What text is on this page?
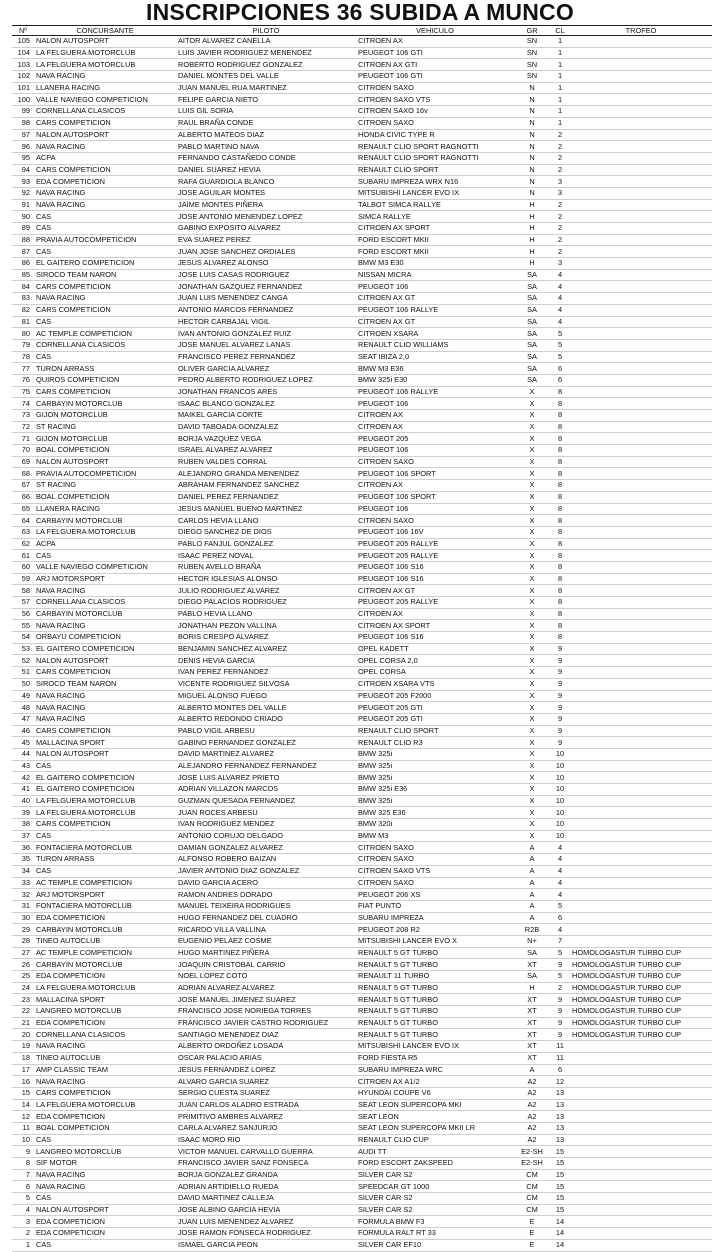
INSCRIPCIONES 36 SUBIDA A MUNCO
Nº	CONCURSANTE	PILOTO	VEHICULO	GR	CL	TROFEO
105	NALON AUTOSPORT	AITOR ALVAREZ CANELLA	CITROEN AX	SN	1	
104	LA FELGUERA MOTORCLUB	LUIS JAVIER RODRIGUEZ MENENDEZ	PEUGEOT 106 GTI	SN	1	
103	LA FELGUERA MOTORCLUB	ROBERTO RODRIGUEZ GONZALEZ	CITROEN AX GTI	SN	1	
102	NAVA RACING	DANIEL MONTES DEL VALLE	PEUGEOT 106 GTI	SN	1	
101	LLANERA RACING	JUAN MANUEL RUA MARTINEZ	CITROEN SAXO	N	1	
100	VALLE NAVIEGO COMPETICION	FELIPE GARCIA NIETO	CITROEN SAXO VTS	N	1	
99	CORNELLANA CLASICOS	LUIS GIL SORIA	CITROEN SAXO 16v	N	1	
98	CARS COMPETICION	RAUL BRAÑA CONDE	CITROEN SAXO	N	1	
97	NALON AUTOSPORT	ALBERTO MATEOS DIAZ	HONDA CIVIC TYPE R	N	2	
96	NAVA RACING	PABLO MARTINO NAVA	RENAULT CLIO SPORT RAGNOTTI	N	2	
95	ACPA	FERNANDO CASTAÑEDO CONDE	RENAULT CLIO SPORT RAGNOTTI	N	2	
94	CARS COMPETICION	DANIEL SUAREZ HEVIA	RENAULT CLIO SPORT	N	2	
93	EDA COMPETICION	RAFA GUARDIOLA BLANCO	SUBARU IMPREZA WRX N16	N	3	
92	NAVA RACING	JOSE AGUILAR MONTES	MITSUBISHI LANCER EVO IX	N	3	
91	NAVA RACING	JAIME MONTES PIÑERA	TALBOT SIMCA RALLYE	H	2	
90	CAS	JOSE ANTONIO MENENDEZ LOPEZ	SIMCA RALLYE	H	2	
89	CAS	GABINO EXPOSITO ALVAREZ	CITROEN AX SPORT	H	2	
88	PRAVIA AUTOCOMPETICION	EVA SUAREZ PEREZ	FORD ESCORT MKII	H	2	
87	CAS	JUAN JOSE SANCHEZ ORDIALES	FORD ESCORT MKII	H	2	
86	EL GAITERO COMPETICION	JESUS ALVAREZ ALONSO	BMW M3 E30	H	3	
85	SIROCO TEAM NARON	JOSE LUIS CASAS RODRIGUEZ	NISSAN MICRA	SA	4	
84	CARS COMPETICION	JONATHAN GAZQUEZ FERNANDEZ	PEUGEOT 106	SA	4	
83	NAVA RACING	JUAN LUIS MENENDEZ CANGA	CITROEN AX GT	SA	4	
82	CARS COMPETICION	ANTONIO MARCOS FERNANDEZ	PEUGEOT 106 RALLYE	SA	4	
81	CAS	HECTOR CARBAJAL VIGIL	CITROEN AX GT	SA	4	
80	AC TEMPLE COMPETICION	IVAN ANTONIO GONZALEZ RUIZ	CITROEN XSARA	SA	5	
79	CORNELLANA CLASICOS	JOSE MANUEL ALVAREZ LANAS	RENAULT CLIO WILLIAMS	SA	5	
78	CAS	FRANCISCO PEREZ FERNANDEZ	SEAT IBIZA 2,0	SA	5	
77	TURON ARRASS	OLIVER GARCIA ALVAREZ	BMW M3 E36	SA	6	
76	QUIROS COMPETICION	PEDRO ALBERTO RODRIGUEZ LOPEZ	BMW 325i E30	SA	6	
75	CARS COMPETICION	JONATHAN FRANCOS ARES	PEUGEOT 106 RALLYE	X	8	
74	CARBAYIN MOTORCLUB	ISAAC BLANCO GONZALEZ	PEUGEOT 106	X	8	
73	GIJON MOTORCLUB	MAIKEL GARCIA CORTE	CITROEN AX	X	8	
72	ST RACING	DAVID TABOADA GONZALEZ	CITROEN AX	X	8	
71	GIJON MOTORCLUB	BORJA VAZQUEZ VEGA	PEUGEOT 205	X	8	
70	BOAL COMPETICION	ISRAEL ALVAREZ ALVAREZ	PEUGEOT 106	X	8	
69	NALON AUTOSPORT	RUBEN VALDES CORRAL	CITROEN SAXO	X	8	
68	PRAVIA AUTOCOMPETICION	ALEJANDRO GRANDA MENENDEZ	PEUGEOT 106 SPORT	X	8	
67	ST RACING	ABRAHAM FERNANDEZ SANCHEZ	CITROEN AX	X	8	
66	BOAL COMPETICION	DANIEL PEREZ FERNANDEZ	PEUGEOT 106 SPORT	X	8	
65	LLANERA RACING	JESUS MANUEL BUENO MARTINEZ	PEUGEOT 106	X	8	
64	CARBAYIN MOTORCLUB	CARLOS HEVIA LLANO	CITROEN SAXO	X	8	
63	LA FELGUERA MOTORCLUB	DIEGO SANCHEZ DE DIOS	PEUGEOT 106 16V	X	8	
62	ACPA	PABLO FANJUL GONZALEZ	PEUGEOT 205 RALLYE	X	8	
61	CAS	ISAAC PEREZ NOVAL	PEUGEOT 205 RALLYE	X	8	
60	VALLE NAVIEGO COMPETICION	RUBEN AVELLO BRAÑA	PEUGEOT 106 S16	X	8	
59	ARJ MOTORSPORT	HECTOR IGLESIAS ALONSO	PEUGEOT 106 S16	X	8	
58	NAVA RACING	JULIO RODRIGUEZ ALVAREZ	CITROEN AX GT	X	8	
57	CORNELLANA CLASICOS	DIEGO PALACIOS RODRIGUEZ	PEUGEOT 205 RALLYE	X	8	
56	CARBAYIN MOTORCLUB	PABLO HEVIA LLANO	CITROEN AX	X	8	
55	NAVA RACING	JONATHAN PEZON VALLINA	CITROEN AX SPORT	X	8	
54	ORBAYU COMPETICION	BORIS CRESPO ALVAREZ	PEUGEOT 106 S16	X	8	
53	EL GAITERO COMPETICION	BENJAMIN SANCHEZ ALVAREZ	OPEL KADETT	X	9	
52	NALON AUTOSPORT	DENIS HEVIA GARCIA	OPEL CORSA 2,0	X	9	
51	CARS COMPETICION	IVAN PEREZ FERNANDEZ	OPEL CORSA	X	9	
50	SIROCO TEAM NARON	VICENTE RODRIGUEZ SILVOSA	CITROEN XSARA VTS	X	9	
49	NAVA RACING	MIGUEL ALONSO FUEGO	PEUGEOT 205 F2000	X	9	
48	NAVA RACING	ALBERTO MONTES DEL VALLE	PEUGEOT 205 GTI	X	9	
47	NAVA RACING	ALBERTO REDONDO CRIADO	PEUGEOT 205 GTI	X	9	
46	CARS COMPETICION	PABLO VIGIL ARBESU	RENAULT CLIO SPORT	X	9	
45	MALLACINA SPORT	GABINO FERNANDEZ GONZALEZ	RENAULT CLIO R3	X	9	
44	NALON AUTOSPORT	DAVID MARTINEZ ALVAREZ	BMW 325i	X	10	
43	CAS	ALEJANDRO FERNANDEZ FERNANDEZ	BMW 325i	X	10	
42	EL GAITERO COMPETICION	JOSE LUIS ALVAREZ PRIETO	BMW 325i	X	10	
41	EL GAITERO COMPETICION	ADRIAN VILLAZON MARCOS	BMW 325i E36	X	10	
40	LA FELGUERA MOTORCLUB	GUZMAN QUESADA FERNANDEZ	BMW 325i	X	10	
39	LA FELGUERA MOTORCLUB	JUAN ROCES ARBESU	BMW 325 E36	X	10	
38	CARS COMPETICION	IVAN RODRIGUEZ MENDEZ	BMW 320i	X	10	
37	CAS	ANTONIO CORUJO DELGADO	BMW M3	X	10	
36	FONTACIERA MOTORCLUB	DAMIAN GONZALEZ ALVAREZ	CITROEN SAXO	A	4	
35	TURON ARRASS	ALFONSO ROBERO BAIZAN	CITROEN SAXO	A	4	
34	CAS	JAVIER ANTONIO DIAZ GONZALEZ	CITROEN SAXO VTS	A	4	
33	AC TEMPLE COMPETICION	DAVID GARCIA ACERO	CITROEN SAXO	A	4	
32	ARJ MOTORSPORT	RAMON ANDRES DORADO	PEUGEOT 206 XS	A	4	
31	FONTACIERA MOTORCLUB	MANUEL TEIXEIRA RODRIGUES	FIAT PUNTO	A	5	
30	EDA COMPETICION	HUGO FERNANDEZ DEL CUADRO	SUBARU IMPREZA	A	6	
29	CARBAYIN MOTORCLUB	RICARDO VILLA VALLINA	PEUGEOT 208 R2	R2B	4	
28	TINEO AUTOCLUB	EUGENIO PELAEZ COSME	MITSUBISHI LANCER EVO X	N+	7	
27	AC TEMPLE COMPETICION	HUGO MARTINEZ PIÑERA	RENAULT 5 GT TURBO	SA	5	HOMOLOGASTUR TURBO CUP
26	CARBAYIN MOTORCLUB	JOAQUIN CRISTOBAL CARRIO	RENAULT 5 GT TURBO	XT	9	HOMOLOGASTUR TURBO CUP
25	EDA COMPETICION	NOEL LOPEZ COTO	RENAULT 11 TURBO	SA	5	HOMOLOGASTUR TURBO CUP
24	LA FELGUERA MOTORCLUB	ADRIAN ALVAREZ ALVAREZ	RENAULT 5 GT TURBO	H	2	HOMOLOGASTUR TURBO CUP
23	MALLACINA SPORT	JOSE MANUEL JIMENEZ SUAREZ	RENAULT 5 GT TURBO	XT	9	HOMOLOGASTUR TURBO CUP
22	LANGREO MOTORCLUB	FRANCISCO JOSE NORIEGA TORRES	RENAULT 5 GT TURBO	XT	9	HOMOLOGASTUR TURBO CUP
21	EDA COMPETICION	FRANCISCO JAVIER CASTRO RODRIGUEZ	RENAULT 5 GT TURBO	XT	9	HOMOLOGASTUR TURBO CUP
20	CORNELLANA CLASICOS	SANTIAGO MENENDEZ DIAZ	RENAULT 5 GT TURBO	XT	9	HOMOLOGASTUR TURBO CUP
19	NAVA RACING	ALBERTO ORDOÑEZ LOSADA	MITSUBISHI LANCER EVO IX	XT	11	
18	TINEO AUTOCLUB	OSCAR PALACIO ARIAS	FORD FIESTA R5	XT	11	
17	AMP CLASSIC TEAM	JESUS FERNANDEZ LOPEZ	SUBARU IMPREZA WRC	A	6	
16	NAVA RACING	ALVARO GARCIA SUAREZ	CITROEN AX A1/2	A2	12	
15	CARS COMPETICION	SERGIO CUESTA SUAREZ	HYUNDAI COUPE V6	A2	13	
14	LA FELGUERA MOTORCLUB	JUAN CARLOS ALADRO ESTRADA	SEAT LEON SUPERCOPA MKI	A2	13	
12	EDA COMPETICION	PRIMITIVO AMBRES ALVAREZ	SEAT LEON	A2	13	
11	BOAL COMPETICION	CARLA ALVAREZ SANJURJO	SEAT LEON SUPERCOPA MKII LR	A2	13	
10	CAS	ISAAC MORO RIO	RENAULT CLIO CUP	A2	13	
9	LANGREO MOTORCLUB	VICTOR MANUEL CARVALLO GUERRA	AUDI TT	E2-SH	15	
8	SIF MOTOR	FRANCISCO JAVIER SANZ FONSECA	FORD ESCORT ZAKSPEED	E2-SH	15	
7	NAVA RACING	BORJA GONZALEZ GRANDA	SILVER CAR S2	CM	15	
6	NAVA RACING	ADRIAN ARTIDIELLO RUEDA	SPEEDCAR GT 1000	CM	15	
5	CAS	DAVID MARTINEZ CALLEJA	SILVER CAR S2	CM	15	
4	NALON AUTOSPORT	JOSE ALBINO GARCIA HEVIA	SILVER CAR S2	CM	15	
3	EDA COMPETICION	JUAN LUIS MENENDEZ ALVAREZ	FORMULA BMW F3	E	14	
2	EDA COMPETICION	JOSE RAMON FONSECA RODRIGUEZ	FORMULA RALT RT 33	E	14	
1	CAS	ISMAEL GARCIA PEON	SILVER CAR EF10	E	14	
